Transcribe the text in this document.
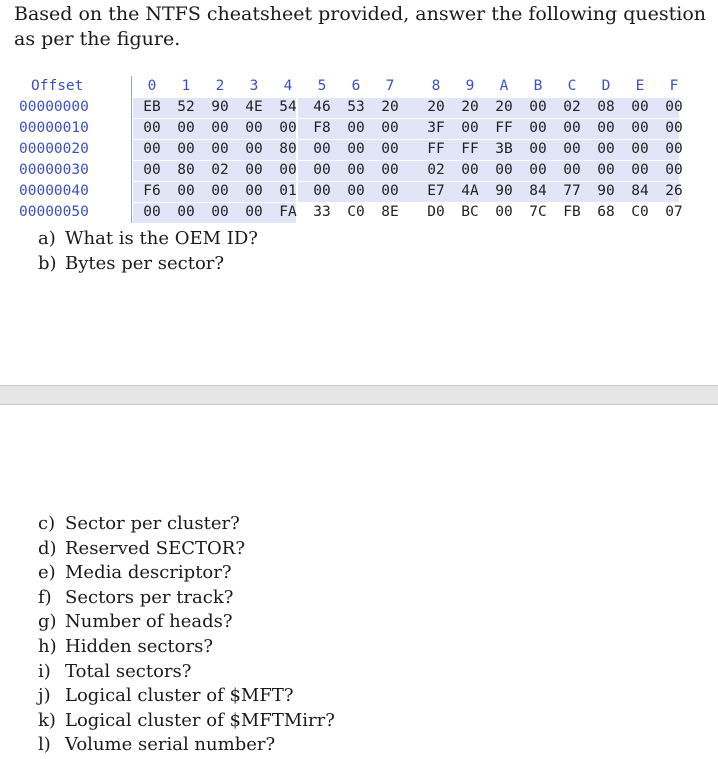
Based on the NTFS cheatsheet provided, answer the following question as per the figure.

Offset	0	1	2	3	4	5	6	7	8	9	A	B	C	D	E	F
00000000	EB	52	90	4E	54	46	53	20	20	20	20	00	02	08	00	00
00000010	00	00	00	00	00	F8	00	00	3F	00	FF	00	00	00	00	00
00000020	00	00	00	00	80	00	00	00	FF	FF	3B	00	00	00	00	00
00000030	00	80	02	00	00	00	00	00	02	00	00	00	00	00	00	00
00000040	F6	00	00	00	01	00	00	00	E7	4A	90	84	77	90	84	26
00000050	00	00	00	00	FA	33	C0	8E	D0	BC	00	7C	FB	68	C0	07
a) What is the OEM ID?
b) Bytes per sector?
c) Sector per cluster?
d) Reserved SECTOR?
e) Media descriptor?
f) Sectors per track?
g) Number of heads?
h) Hidden sectors?
i) Total sectors?
j) Logical cluster of $MFT?
k) Logical cluster of $MFTMirr?
l) Volume serial number?
